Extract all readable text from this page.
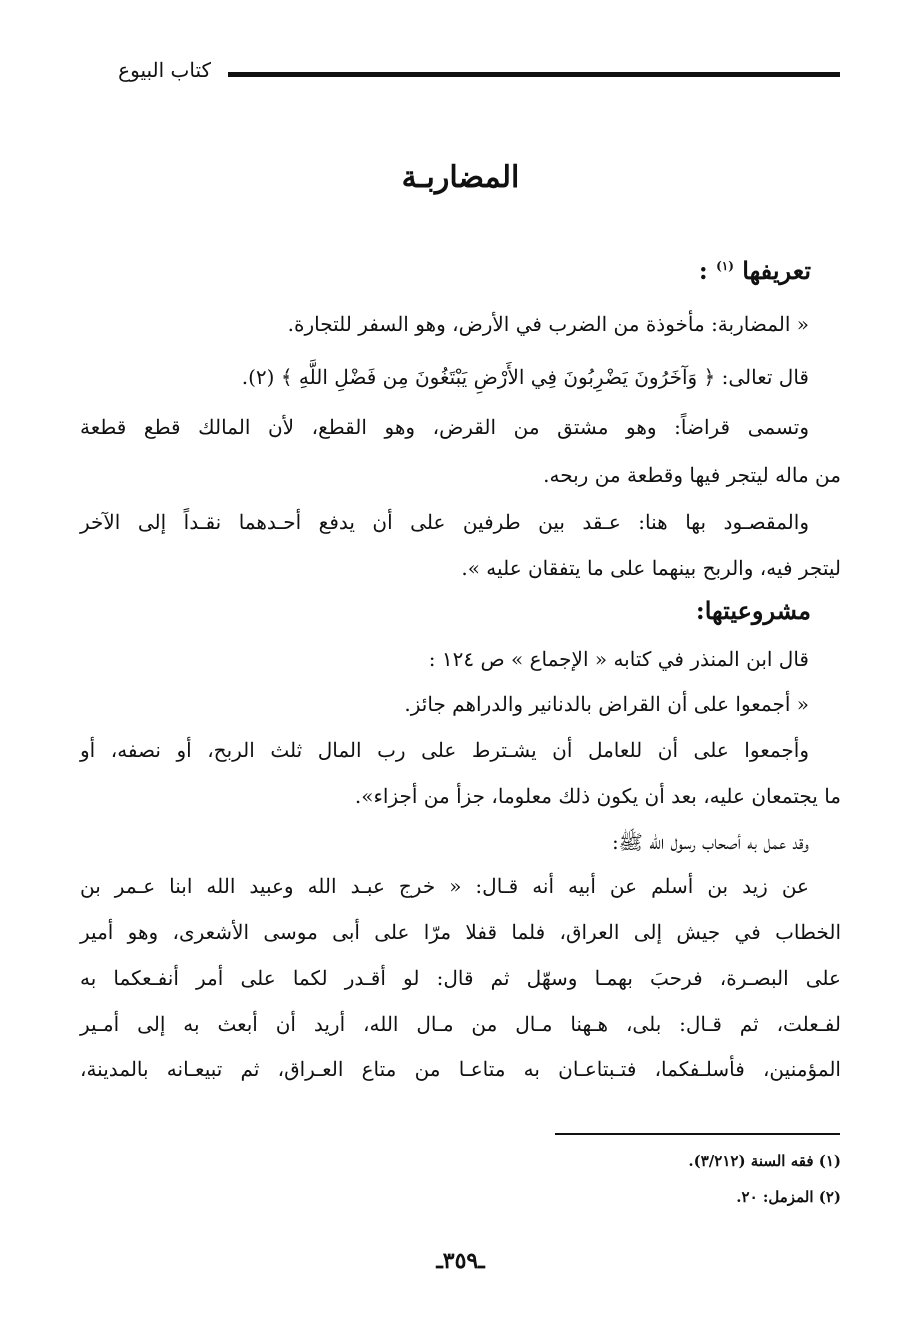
كتاب البيوع
المضاربـة
تعريفها $^{(١)}$ :
« المضاربة: مأخوذة من الضرب في الأرض، وهو السفر للتجارة.
قال تعالى: ﴿ وَآخَرُونَ يَضْرِبُونَ فِي الأَرْضِ يَبْتَغُونَ مِن فَضْلِ اللَّهِ ﴾ (٢).
وتسمى قراضاً: وهو مشتق من القرض، وهو القطع، لأن المالك قطع قطعة
من ماله ليتجر فيها وقطعة من ربحه.
والمقصـود بها هنا: عـقد بين طرفين على أن يدفع أحـدهما نقـداً إلى الآخر
ليتجر فيه، والربح بينهما على ما يتفقان عليه ».
مشروعيتها:
قال ابن المنذر في كتابه « الإجماع » ص ١٢٤ :
« أجمعوا على أن القراض بالدنانير والدراهم جائز.
وأجمعوا على أن للعامل أن يشـترط على رب المال ثلث الربح، أو نصفه، أو
ما يجتمعان عليه، بعد أن يكون ذلك معلوما، جزأ من أجزاء».
وقد عمل به أصحاب رسول الله ﷺ:
عن زيد بن أسلم عن أبيه أنه قـال: « خرج عبـد الله وعبيد الله ابنا عـمر بن
الخطاب في جيش إلى العراق، فلما قفلا مرّا على أبى موسى الأشعرى، وهو أمير
على البصـرة، فرحبَ بهمـا وسهّل ثم قال: لو أقـدر لكما على أمر أنفـعكما به
لفـعلت، ثم قـال: بلى، هـهنا مـال من مـال الله، أريد أن أبعث به إلى أمـير
المؤمنين، فأسلـفكما، فتـبتاعـان به متاعـا من متاع العـراق، ثم تبيعـانه بالمدينة،
(١) فقه السنة (٣/٢١٢).
(٢) المزمل: ٢٠.
ـ٣٥٩ـ
